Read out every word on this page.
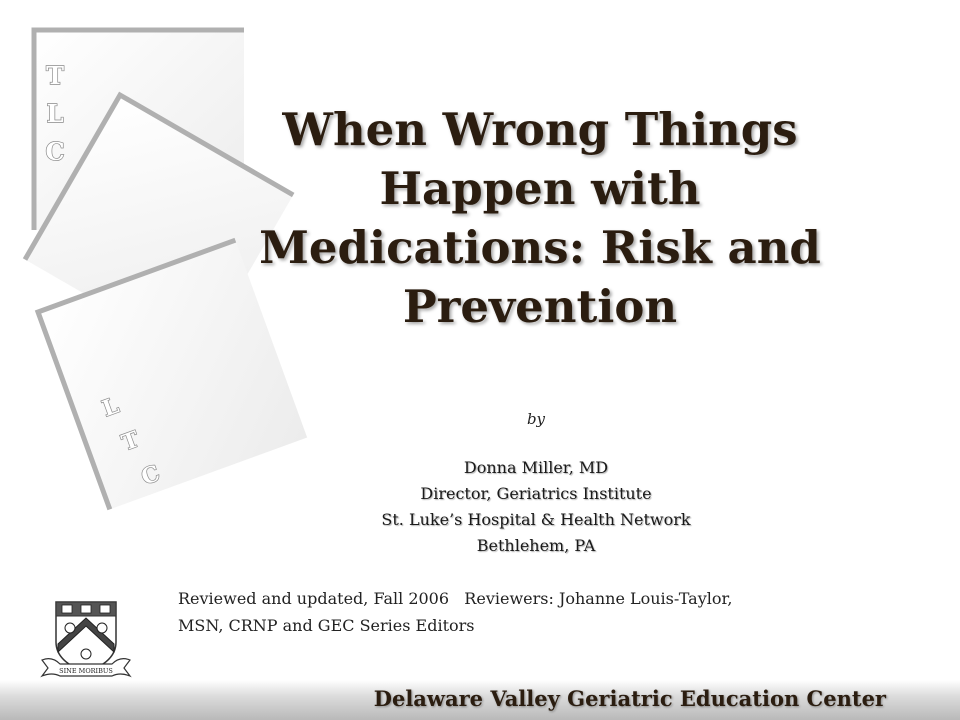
T
L
C
L
T
C
When Wrong Things
Happen with
Medications: Risk and
Prevention
by
Donna Miller, MD
Director, Geriatrics Institute
St. Luke’s Hospital & Health Network
Bethlehem, PA
Reviewed and updated, Fall 2006   Reviewers: Johanne Louis-Taylor,
MSN, CRNP and GEC Series Editors
SINE MORIBUS
Delaware Valley Geriatric Education Center
